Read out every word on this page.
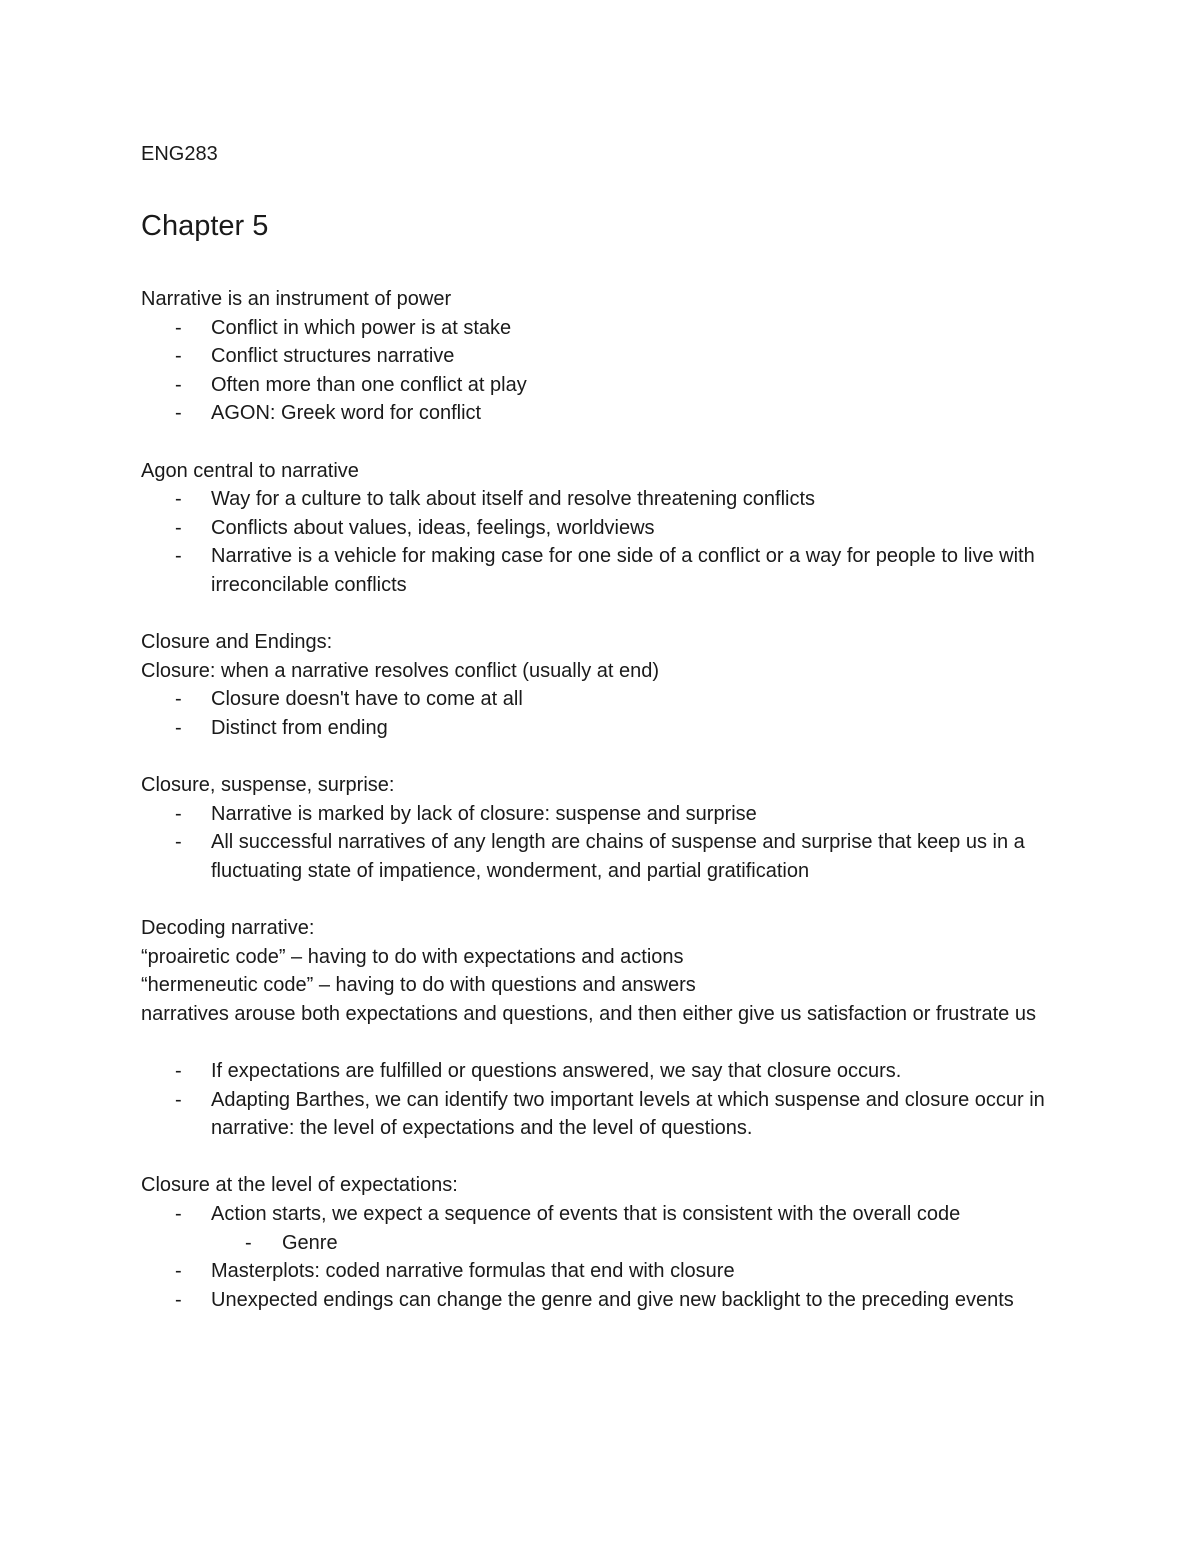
ENG283

Chapter 5

Narrative is an instrument of power

- Conflict in which power is at stake
- Conflict structures narrative
- Often more than one conflict at play
- AGON: Greek word for conflict

Agon central to narrative

- Way for a culture to talk about itself and resolve threatening conflicts
- Conflicts about values, ideas, feelings, worldviews
- Narrative is a vehicle for making case for one side of a conflict or a way for people to live with irreconcilable conflicts

Closure and Endings:

Closure: when a narrative resolves conflict (usually at end)

- Closure doesn't have to come at all
- Distinct from ending

Closure, suspense, surprise:

- Narrative is marked by lack of closure: suspense and surprise
- All successful narratives of any length are chains of suspense and surprise that keep us in a fluctuating state of impatience, wonderment, and partial gratification

Decoding narrative:

“proairetic code” – having to do with expectations and actions

“hermeneutic code” – having to do with questions and answers

narratives arouse both expectations and questions, and then either give us satisfaction or frustrate us

- If expectations are fulfilled or questions answered, we say that closure occurs.
- Adapting Barthes, we can identify two important levels at which suspense and closure occur in narrative: the level of expectations and the level of questions.

Closure at the level of expectations:

- Action starts, we expect a sequence of events that is consistent with the overall code
- Genre
- Masterplots: coded narrative formulas that end with closure
- Unexpected endings can change the genre and give new backlight to the preceding events
